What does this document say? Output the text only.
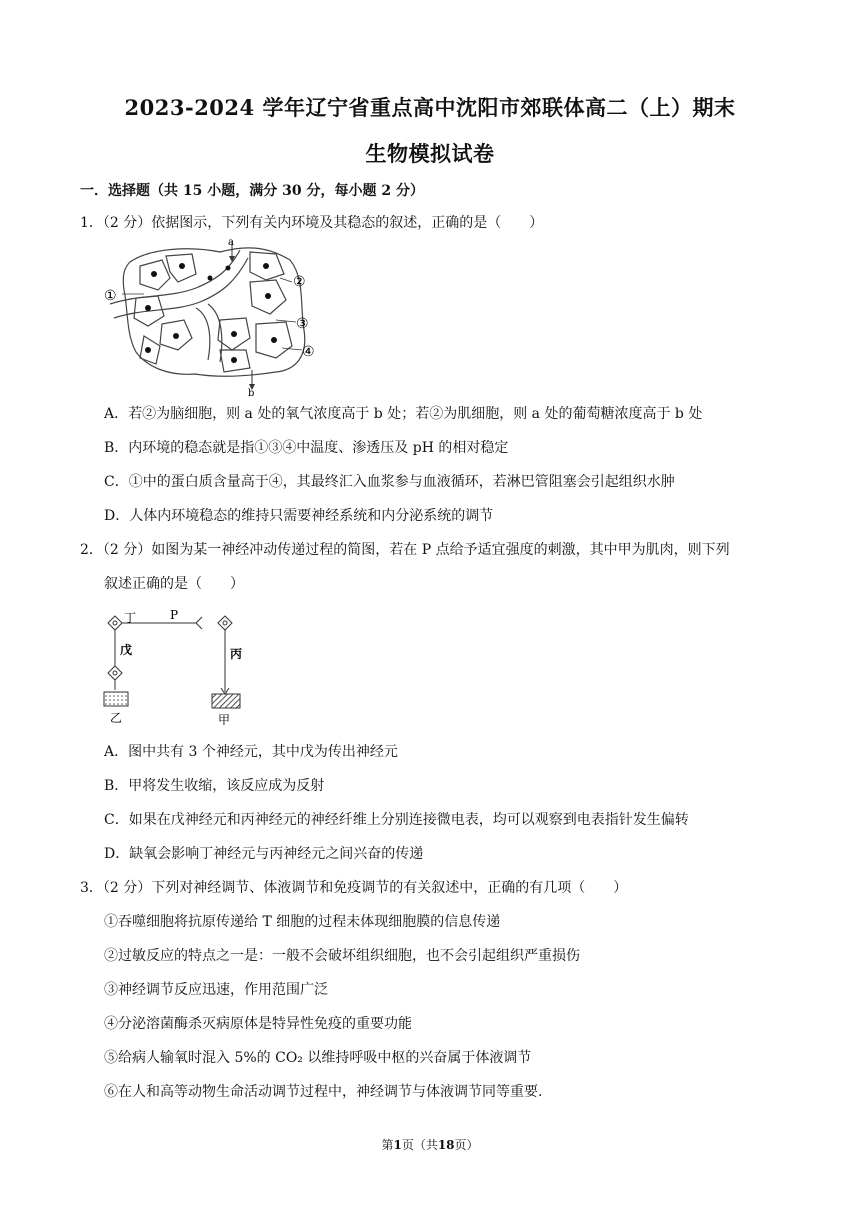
2023-2024 学年辽宁省重点高中沈阳市郊联体高二（上）期末
生物模拟试卷
一．选择题（共 15 小题，满分 30 分，每小题 2 分）
1．（2 分）依据图示，下列有关内环境及其稳态的叙述，正确的是（　　）
a
b
①
②
③
④
A．若②为脑细胞，则 a 处的氧气浓度高于 b 处；若②为肌细胞，则 a 处的葡萄糖浓度高于 b 处
B．内环境的稳态就是指①③④中温度、渗透压及 pH 的相对稳定
C．①中的蛋白质含量高于④，其最终汇入血浆参与血液循环，若淋巴管阻塞会引起组织水肿
D．人体内环境稳态的维持只需要神经系统和内分泌系统的调节
2．（2 分）如图为某一神经冲动传递过程的简图，若在 P 点给予适宜强度的刺激，其中甲为肌肉，则下列
叙述正确的是（　　）
丁	P
戊	丙
乙	甲
A．图中共有 3 个神经元，其中戊为传出神经元
B．甲将发生收缩，该反应成为反射
C．如果在戊神经元和丙神经元的神经纤维上分别连接微电表，均可以观察到电表指针发生偏转
D．缺氧会影响丁神经元与丙神经元之间兴奋的传递
3．（2 分）下列对神经调节、体液调节和免疫调节的有关叙述中，正确的有几项（　　）
①吞噬细胞将抗原传递给 T 细胞的过程未体现细胞膜的信息传递
②过敏反应的特点之一是：一般不会破坏组织细胞，也不会引起组织严重损伤
③神经调节反应迅速，作用范围广泛
④分泌溶菌酶杀灭病原体是特异性免疫的重要功能
⑤给病人输氧时混入 5%的 CO₂ 以维持呼吸中枢的兴奋属于体液调节
⑥在人和高等动物生命活动调节过程中，神经调节与体液调节同等重要.
第1页（共18页）
